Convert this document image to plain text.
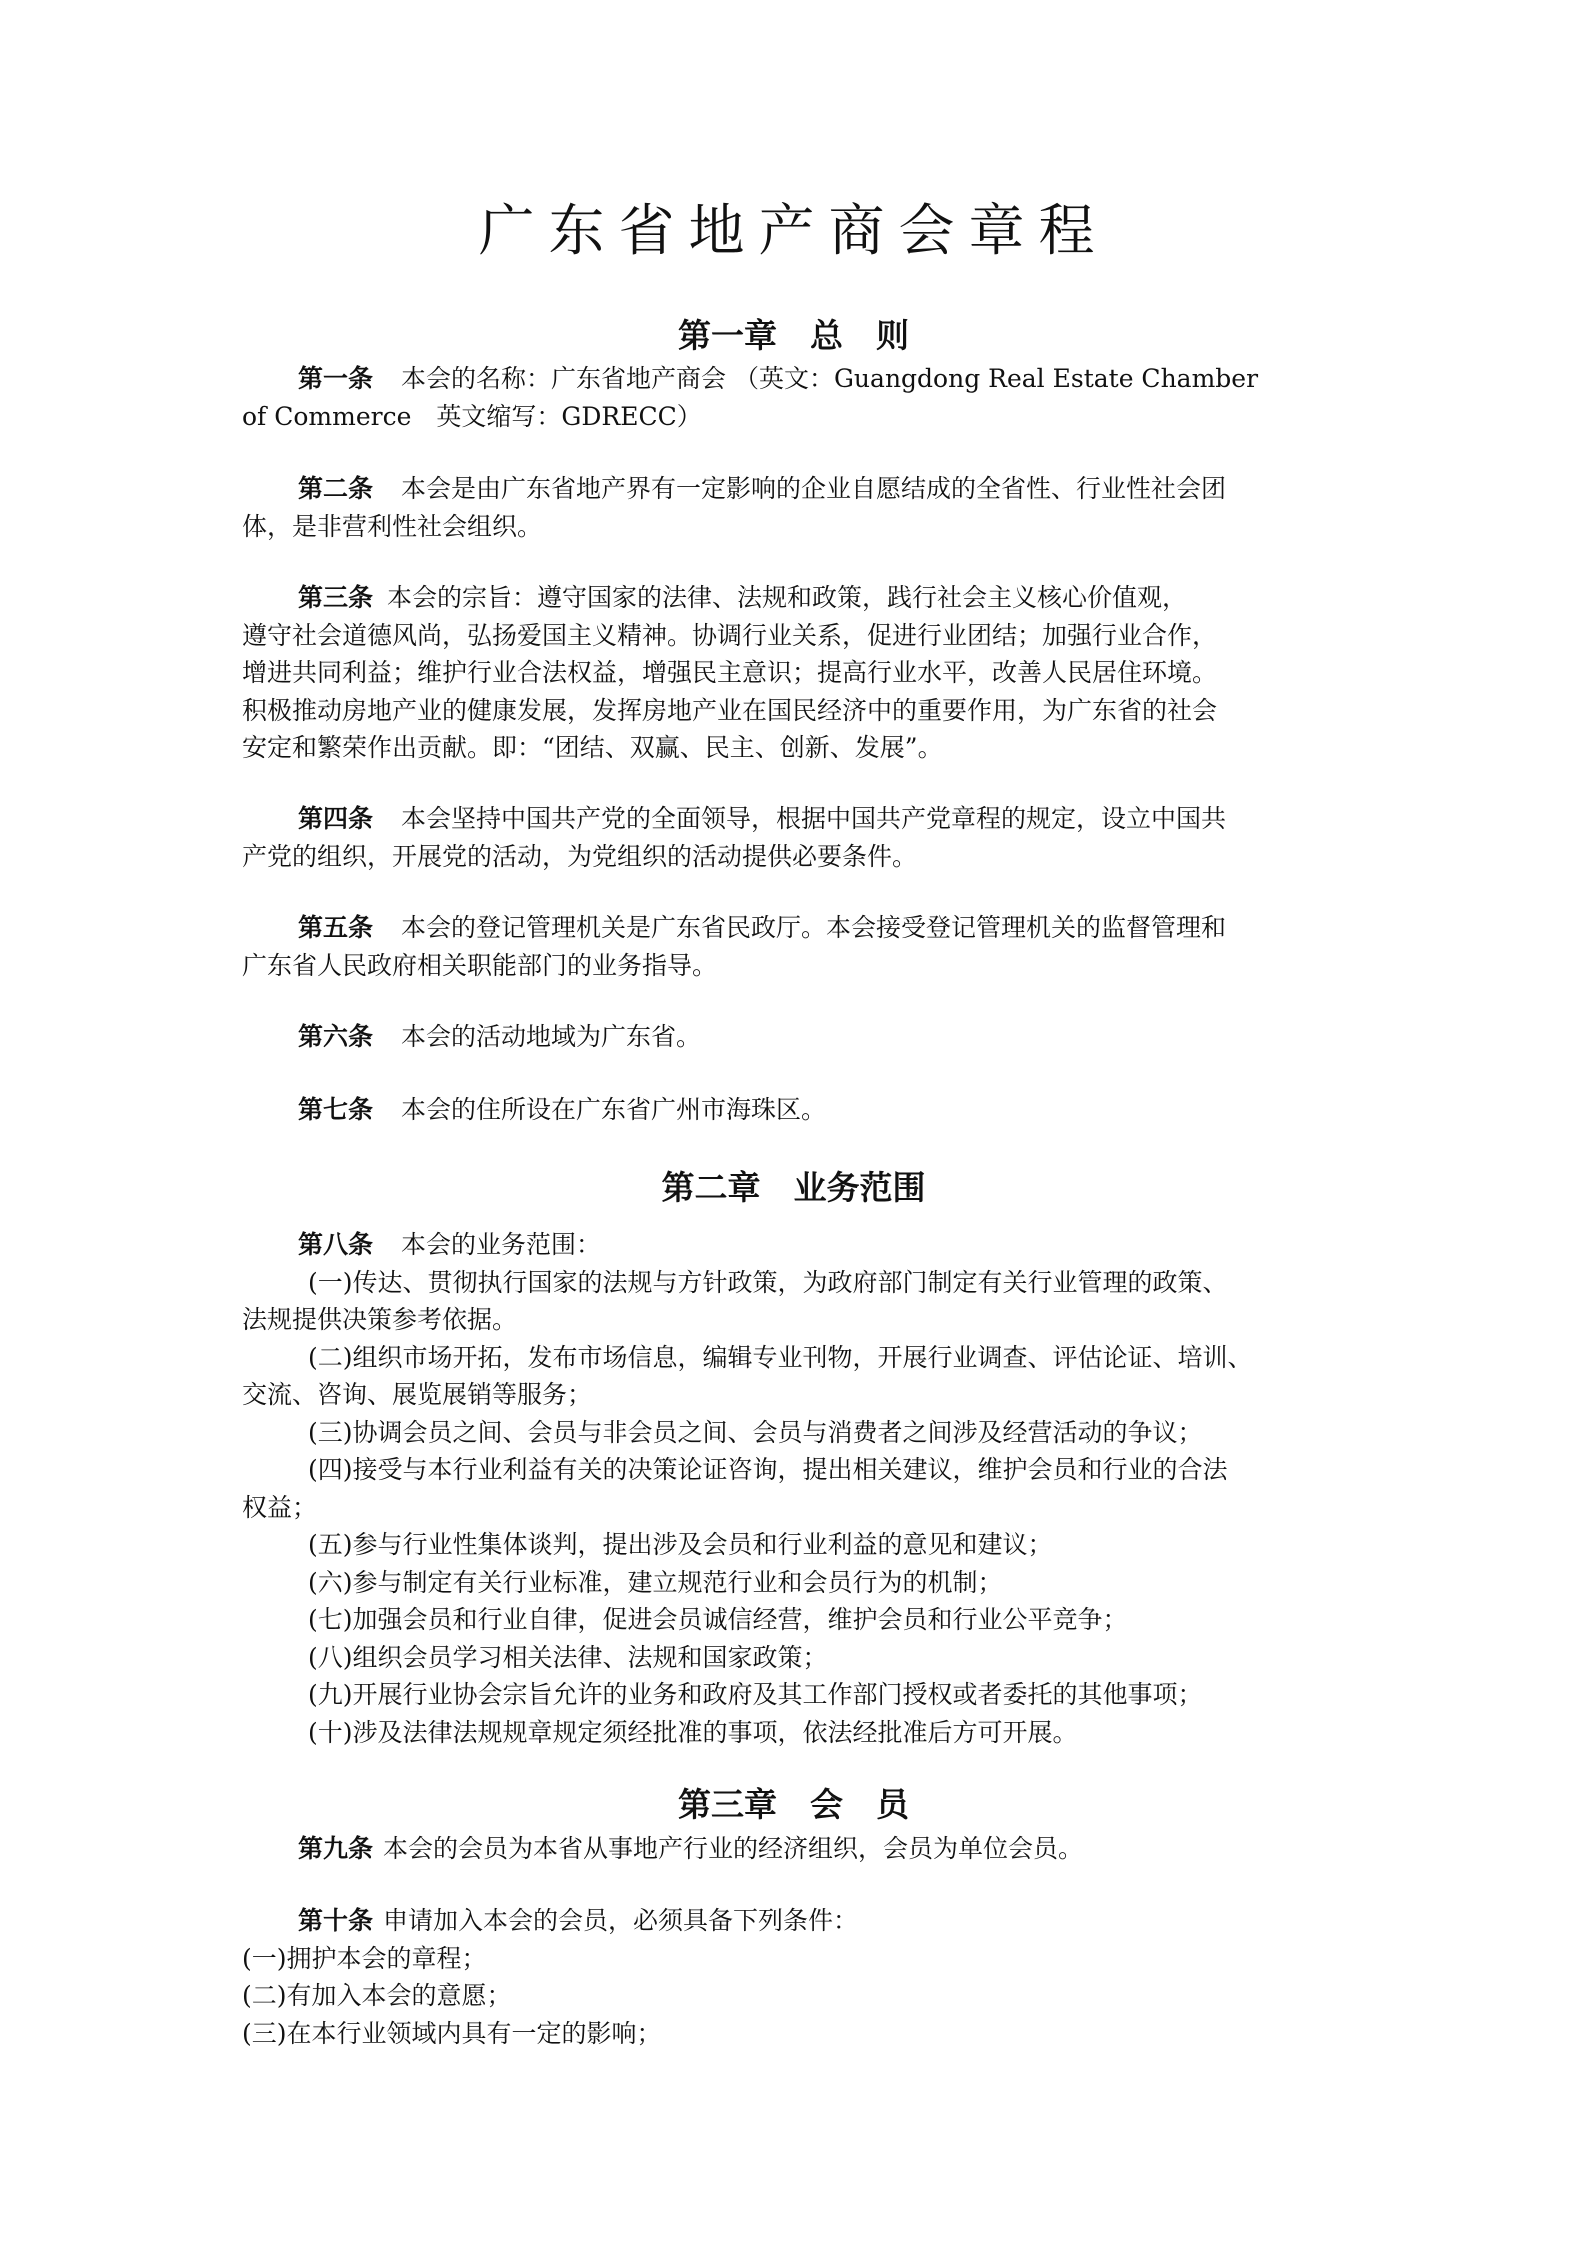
广东省地产商会章程
第一章　总　则
第一条 本会的名称：广东省地产商会 （英文：Guangdong Real Estate Chamber
of Commerce　英文缩写：GDRECC）
第二条 本会是由广东省地产界有一定影响的企业自愿结成的全省性、行业性社会团
体，是非营利性社会组织。
第三条 本会的宗旨：遵守国家的法律、法规和政策，践行社会主义核心价值观，
遵守社会道德风尚，弘扬爱国主义精神。协调行业关系，促进行业团结；加强行业合作，
增进共同利益；维护行业合法权益，增强民主意识；提高行业水平，改善人民居住环境。
积极推动房地产业的健康发展，发挥房地产业在国民经济中的重要作用，为广东省的社会
安定和繁荣作出贡献。即：“团结、双赢、民主、创新、发展”。
第四条 本会坚持中国共产党的全面领导，根据中国共产党章程的规定，设立中国共
产党的组织，开展党的活动，为党组织的活动提供必要条件。
第五条 本会的登记管理机关是广东省民政厅。本会接受登记管理机关的监督管理和
广东省人民政府相关职能部门的业务指导。
第六条 本会的活动地域为广东省。
第七条 本会的住所设在广东省广州市海珠区。
第二章　业务范围
第八条 本会的业务范围：
(一)传达、贯彻执行国家的法规与方针政策，为政府部门制定有关行业管理的政策、
法规提供决策参考依据。
(二)组织市场开拓，发布市场信息，编辑专业刊物，开展行业调查、评估论证、培训、
交流、咨询、展览展销等服务；
(三)协调会员之间、会员与非会员之间、会员与消费者之间涉及经营活动的争议；
(四)接受与本行业利益有关的决策论证咨询，提出相关建议，维护会员和行业的合法
权益；
(五)参与行业性集体谈判，提出涉及会员和行业利益的意见和建议；
(六)参与制定有关行业标准，建立规范行业和会员行为的机制；
(七)加强会员和行业自律，促进会员诚信经营，维护会员和行业公平竞争；
(八)组织会员学习相关法律、法规和国家政策；
(九)开展行业协会宗旨允许的业务和政府及其工作部门授权或者委托的其他事项；
(十)涉及法律法规规章规定须经批准的事项，依法经批准后方可开展。
第三章　会　员
第九条 本会的会员为本省从事地产行业的经济组织，会员为单位会员。
第十条 申请加入本会的会员，必须具备下列条件：
(一)拥护本会的章程；
(二)有加入本会的意愿；
(三)在本行业领域内具有一定的影响；
